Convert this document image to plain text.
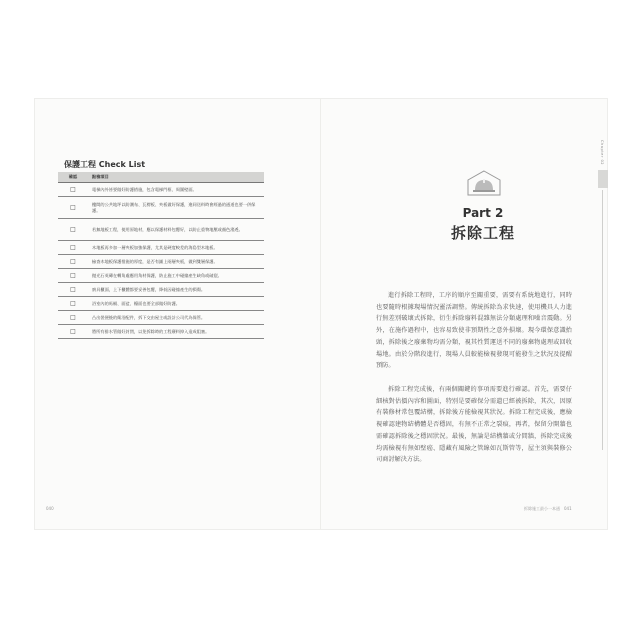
保護工程 Check List
確認	點檢項目
□	電梯內外皆要做好防護措施，包含電梯門框、周圍壁面。
□	樓間的公共地坪以防潮布、瓦楞板、夾板做好保護，進同送料時會經過的通道也要一併保護。
□	若無地板工程，使用原地材，應以保護材料包覆好，以防止重物地壓或顏色滲透。
□	木地板再多加一層夾板加強保護，尤其是硬度較差的海島型木地板。
□	檢查木地板保護措施的厚度，是否有鋪上兩層夾板，做到雙層保護。
□	拋光石英磚在轉角處應用角材保護，防止施工中碰撞產生缺角或破裂。
□	廚具櫃面，上下櫃體都要妥善包覆，降低因碰撞產生的損傷。
□	浴室內的馬桶、面盆、檯面也要全部做好防護。
□	凸出裝便後的衛浴配件，拆下交由屋主或設計公司代為保管。
□	將所有排水管做好封閉，以免拆除時的工程廢料掉入造成阻塞。
040
Part 2
拆除工程

進行拆除工程時，工序的順序至關重要，需要有系統地進行，同時也要隨時根據現場情況靈活調整。傳統拆除為求快速，使用機具人力進行無差別破壞式拆除，衍生拆除廢料混雜無法分類處理和噪音震動。另外，在施作過程中，也容易致使非預期性之意外損壞。現今環保意識抬頭，拆除後之廢棄物均需分類，視其性質運送不同的廢棄物處理或回收場地。由於分階段進行，現場人員較能檢視發現可能發生之狀況及提醒預防。

拆除工程完成後，有兩個關鍵的事項需要進行確認。首先，需要仔細核對估價內容和圖面，特別是要確保分需遺已經被拆除，其次，因原有裝修材常包覆結構，拆除後方能檢視其狀況。拆除工程完成後，應檢視確認建物結構體是否穩固，有無不正常之裂痕，再者，保留分開牆也需確認拆除後之穩固狀況。最後，無論是結構牆或分間牆，拆除完成後均需檢視有無如壁癌、隱藏有風險之管線如瓦斯管等，屋主須與裝修公司商討解決方法。

Chapter 02
拆除施工最小一本通　041
